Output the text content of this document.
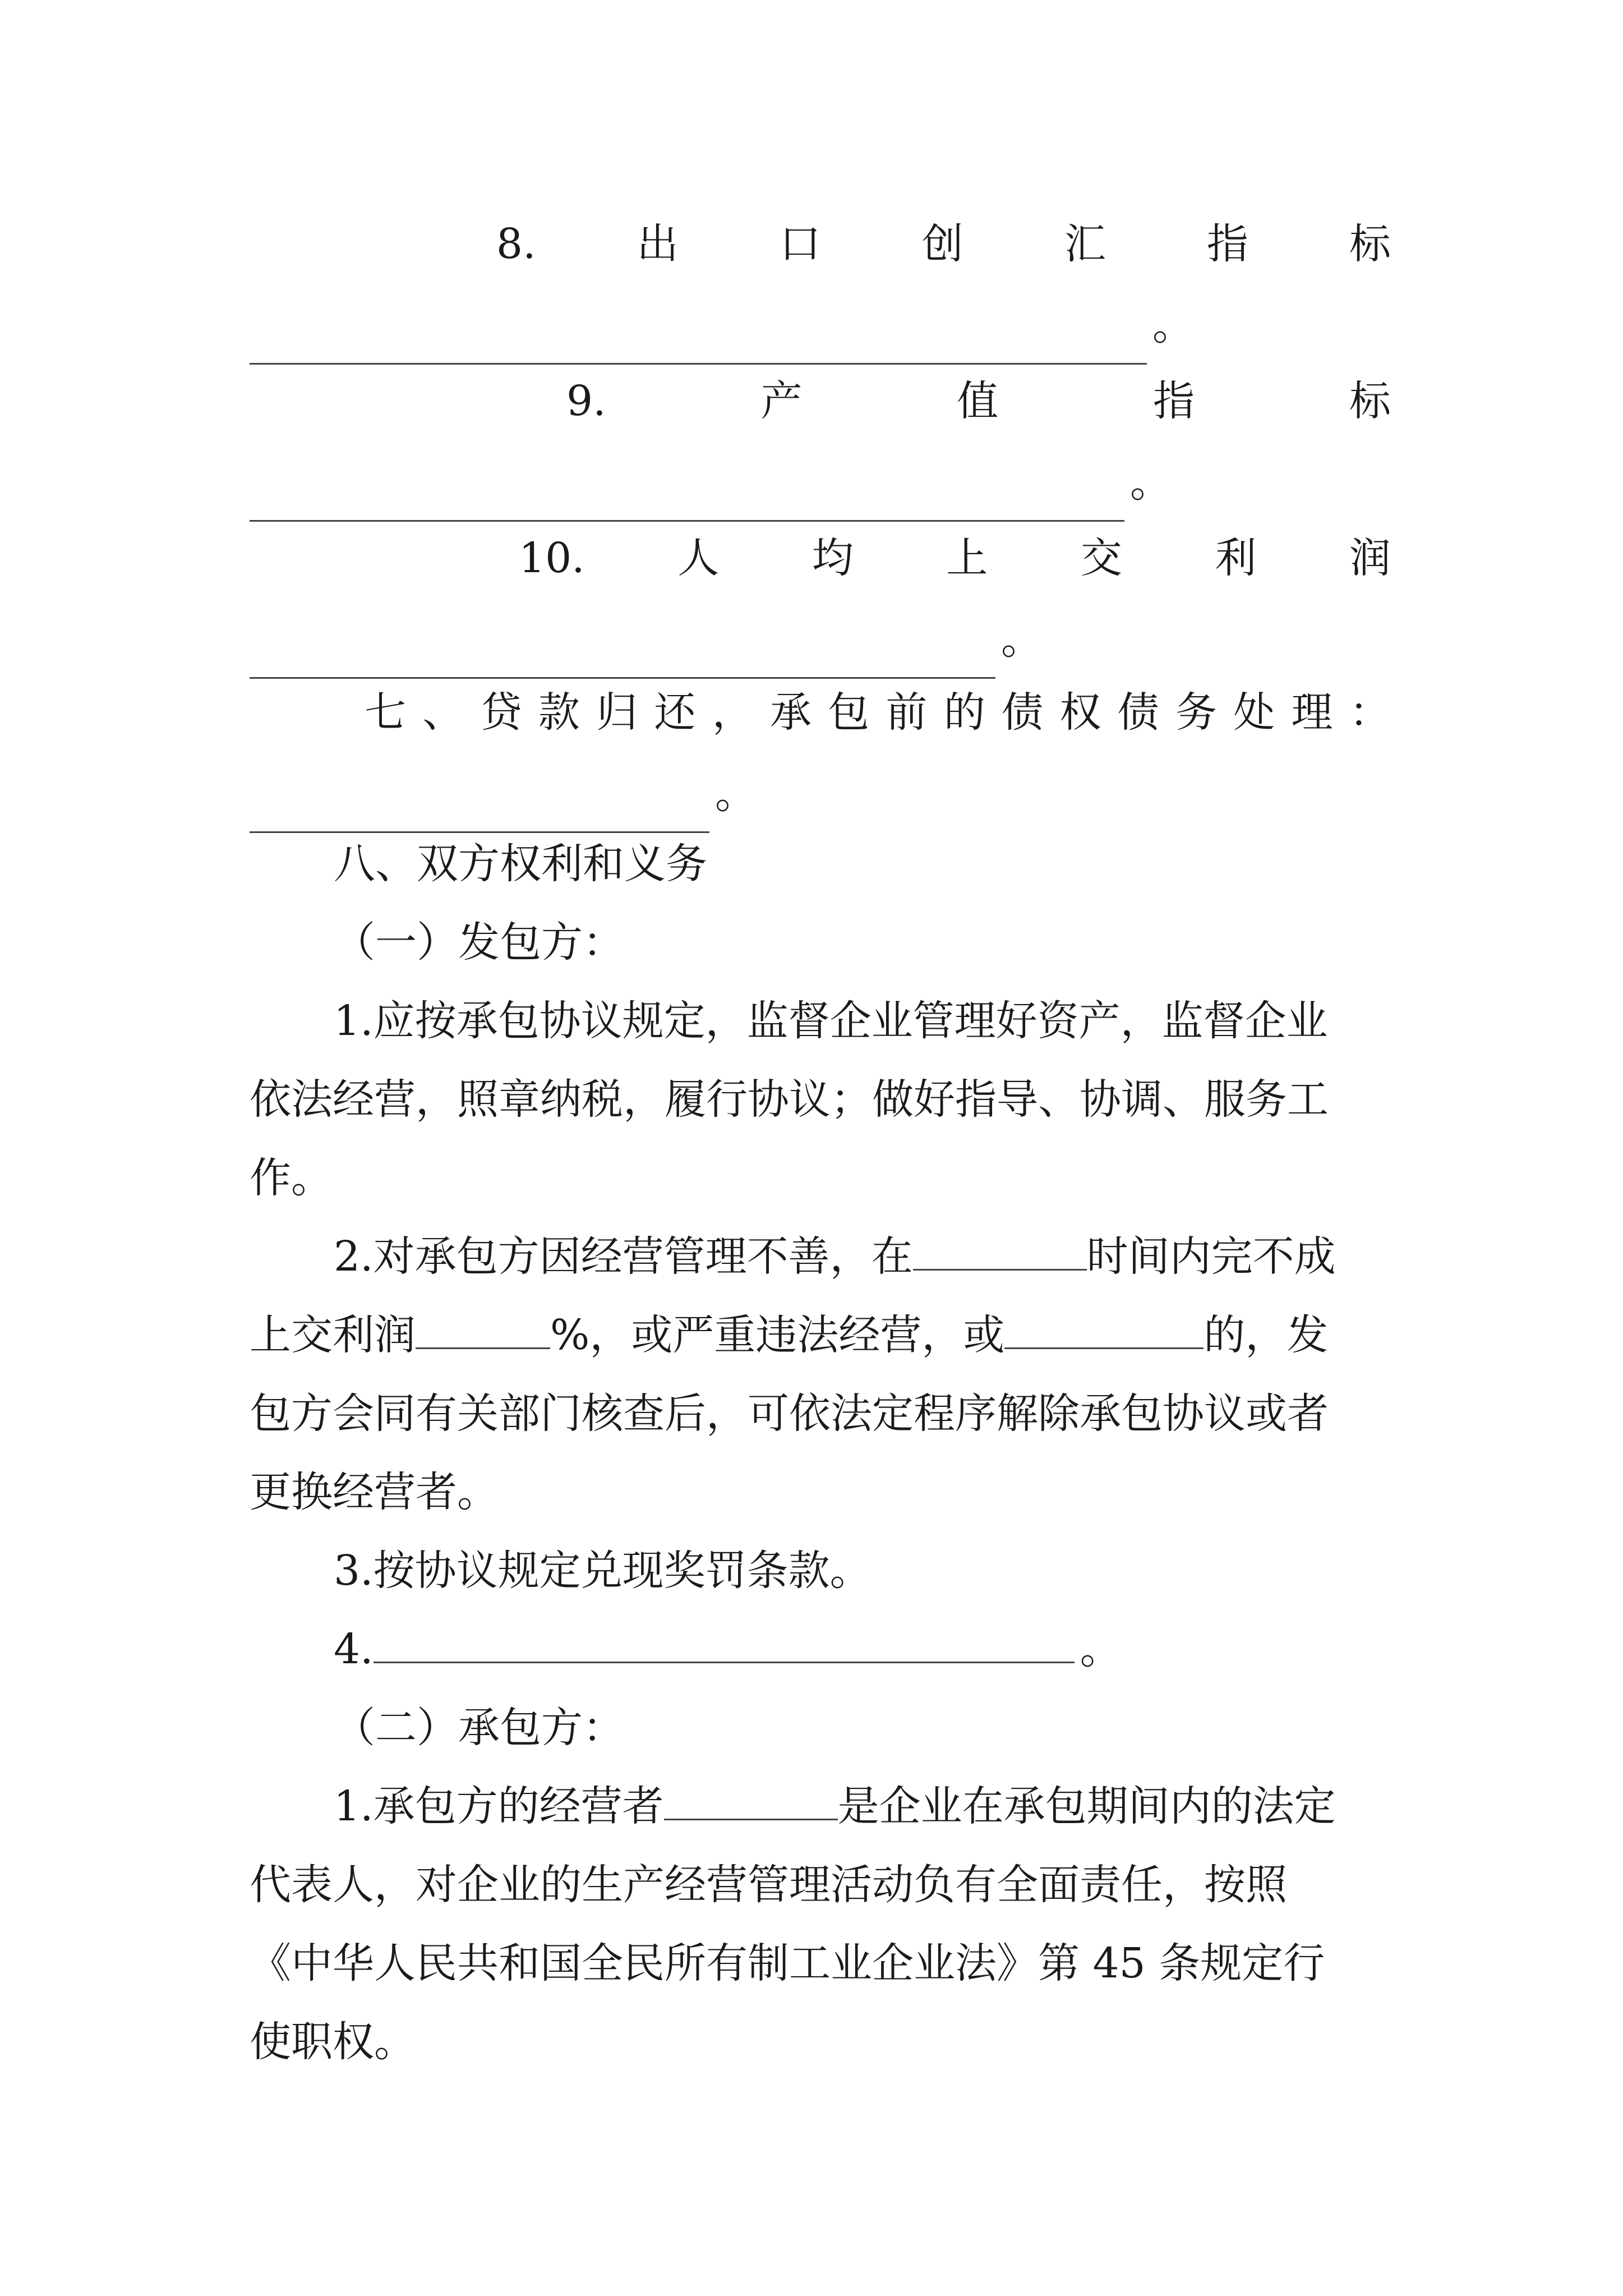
8. 出 口 创 汇 指 标
。
9.	产	值	指	标
。
10. 人 均 上 交 利 润
。
七 、 贷 款 归 还 ， 承 包 前 的 债 权 债 务 处 理 ：
。
八、双方权利和义务
（一）发包方：
1.应按承包协议规定，监督企业管理好资产，监督企业
依法经营，照章纳税，履行协议；做好指导、协调、服务工
作。
2.对承包方因经营管理不善，在	时间内完不成
上交利润	%，或严重违法经营，或	的，发
包方会同有关部门核查后，可依法定程序解除承包协议或者
更换经营者。
3.按协议规定兑现奖罚条款。
4.	。
（二）承包方：
1.承包方的经营者	是企业在承包期间内的法定
代表人，对企业的生产经营管理活动负有全面责任，按照
《中华人民共和国全民所有制工业企业法》第 45 条规定行
使职权。
